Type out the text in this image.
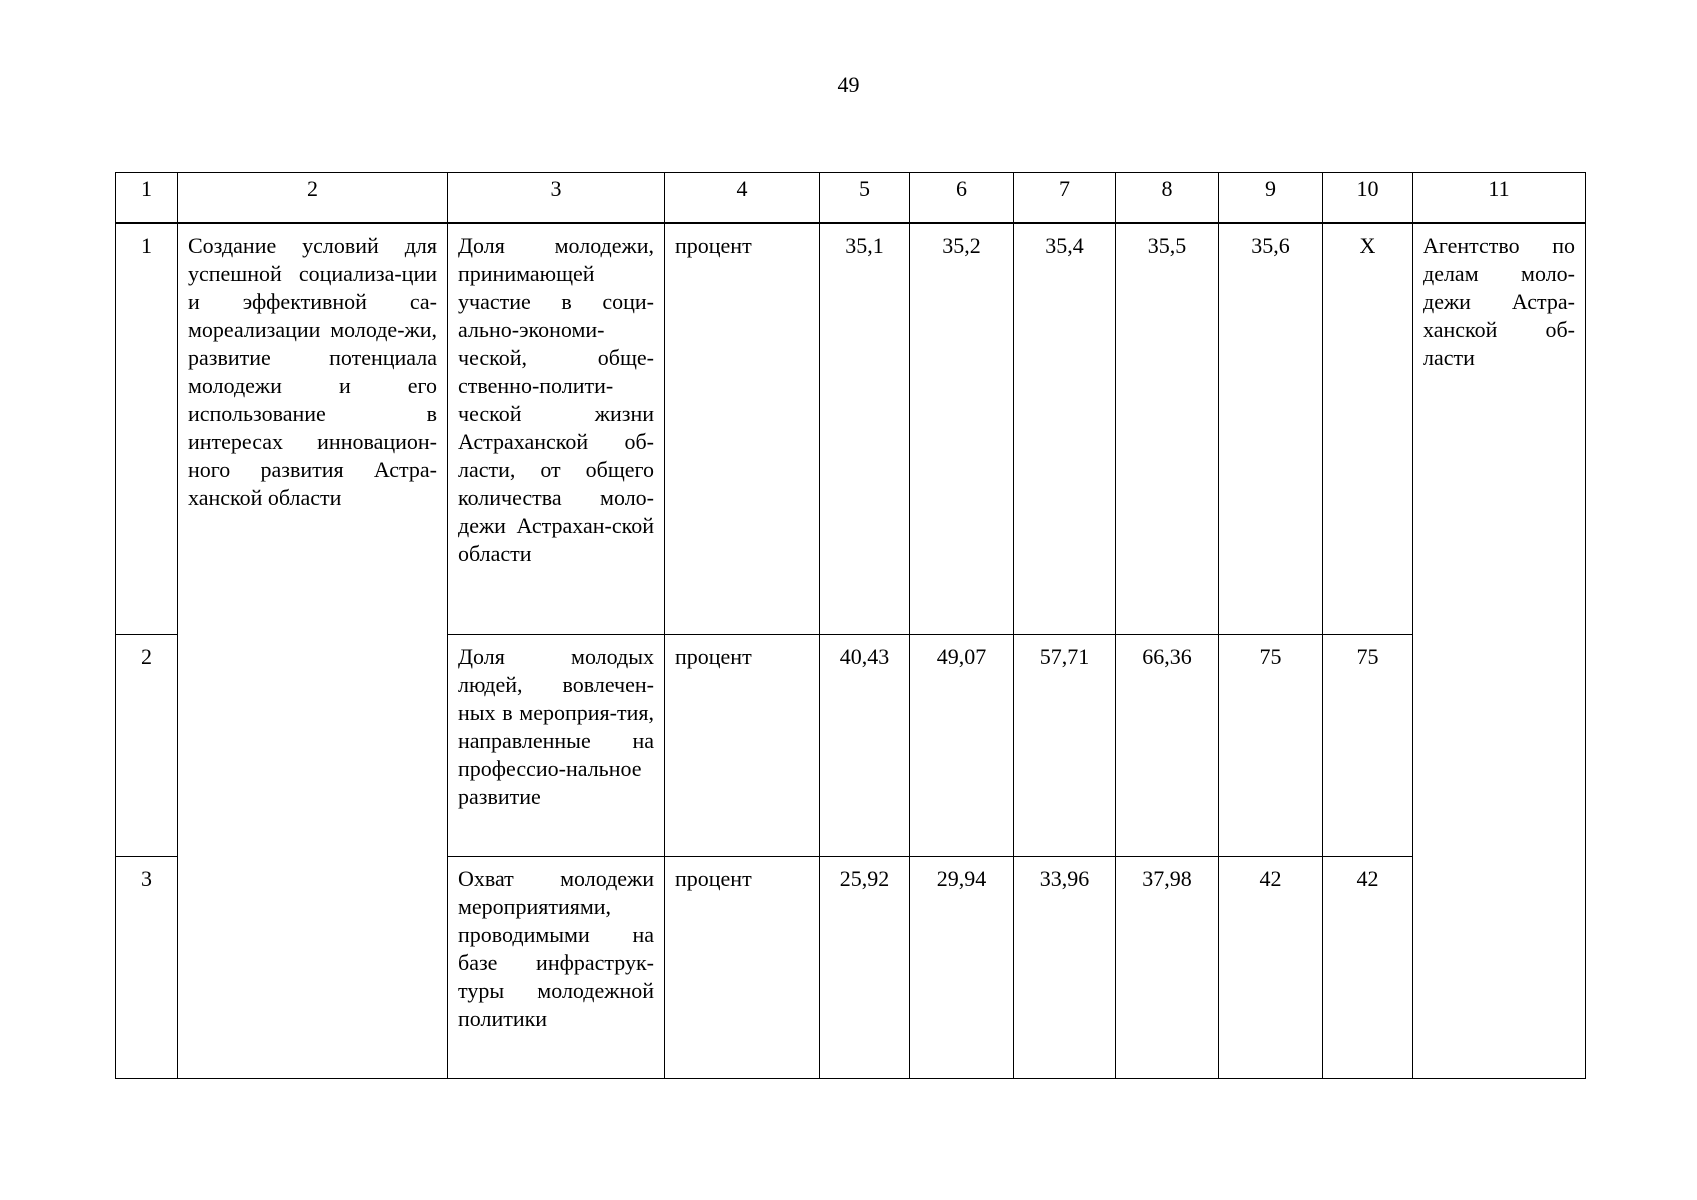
49
1	2	3	4	5	6	7	8	9	10	11
1	Создание условий для успешной социализа-ции и эффективной са-мореализации молоде-жи, развитие потенциала молодежи и его использование в интересах инновацион-ного развития Астра-ханской области	Доля молодежи, принимающей участие в соци-ально-экономи-ческой, обще-ственно-полити-ческой жизни Астраханской об-ласти, от общего количества моло-дежи Астрахан-ской области	процент	35,1	35,2	35,4	35,5	35,6	Х	Агентство по делам моло-дежи Астра-ханской об-ласти
2		Доля молодых людей, вовлечен-ных в мероприя-тия, направленные на профессио-нальное развитие	процент	40,43	49,07	57,71	66,36	75	75	
3		Охват молодежи мероприятиями, проводимыми на базе инфраструк-туры молодежной политики	процент	25,92	29,94	33,96	37,98	42	42	
